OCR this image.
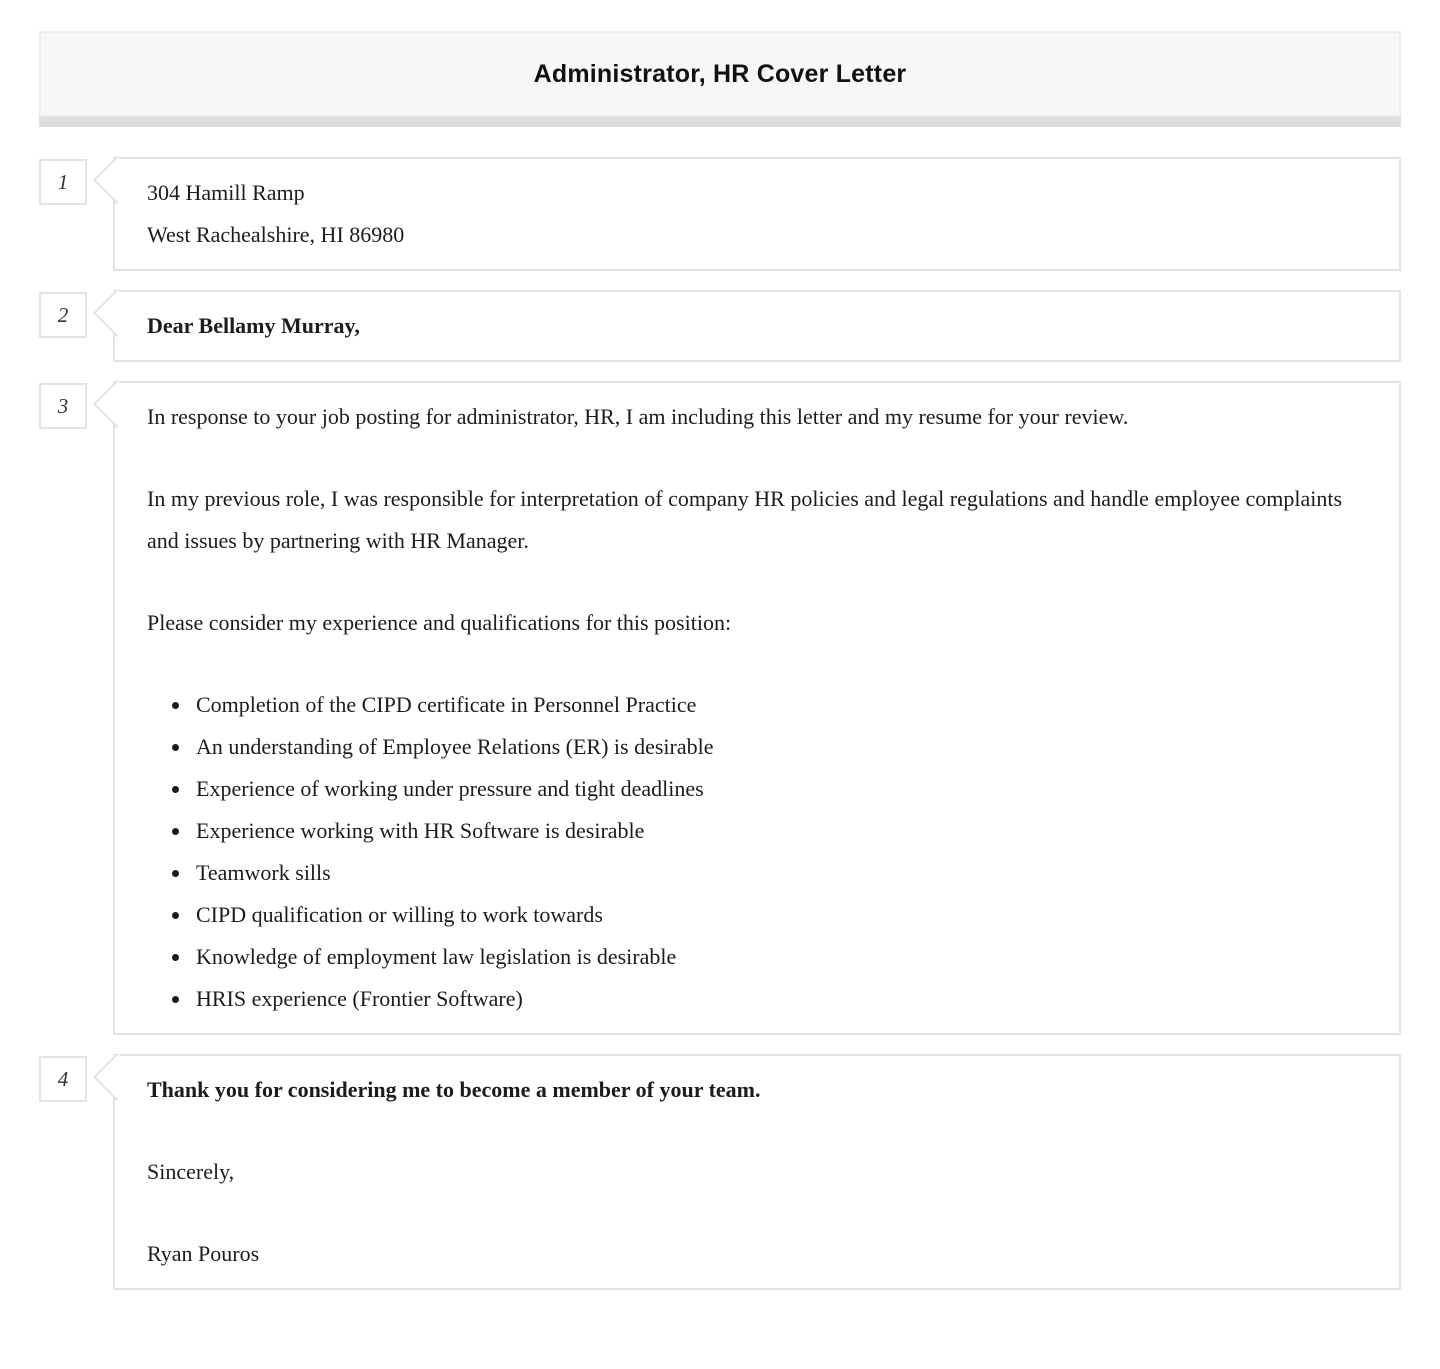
Administrator, HR Cover Letter
1	304 Hamill Ramp
West Rachealshire, HI 86980
2	Dear Bellamy Murray,
3	In response to your job posting for administrator, HR, I am including this letter and my resume for your review.

In my previous role, I was responsible for interpretation of company HR policies and legal regulations and handle employee complaints and issues by partnering with HR Manager.

Please consider my experience and qualifications for this position:

• Completion of the CIPD certificate in Personnel Practice
• An understanding of Employee Relations (ER) is desirable
• Experience of working under pressure and tight deadlines
• Experience working with HR Software is desirable
• Teamwork sills
• CIPD qualification or willing to work towards
• Knowledge of employment law legislation is desirable
• HRIS experience (Frontier Software)
4	Thank you for considering me to become a member of your team.

Sincerely,

Ryan Pouros
